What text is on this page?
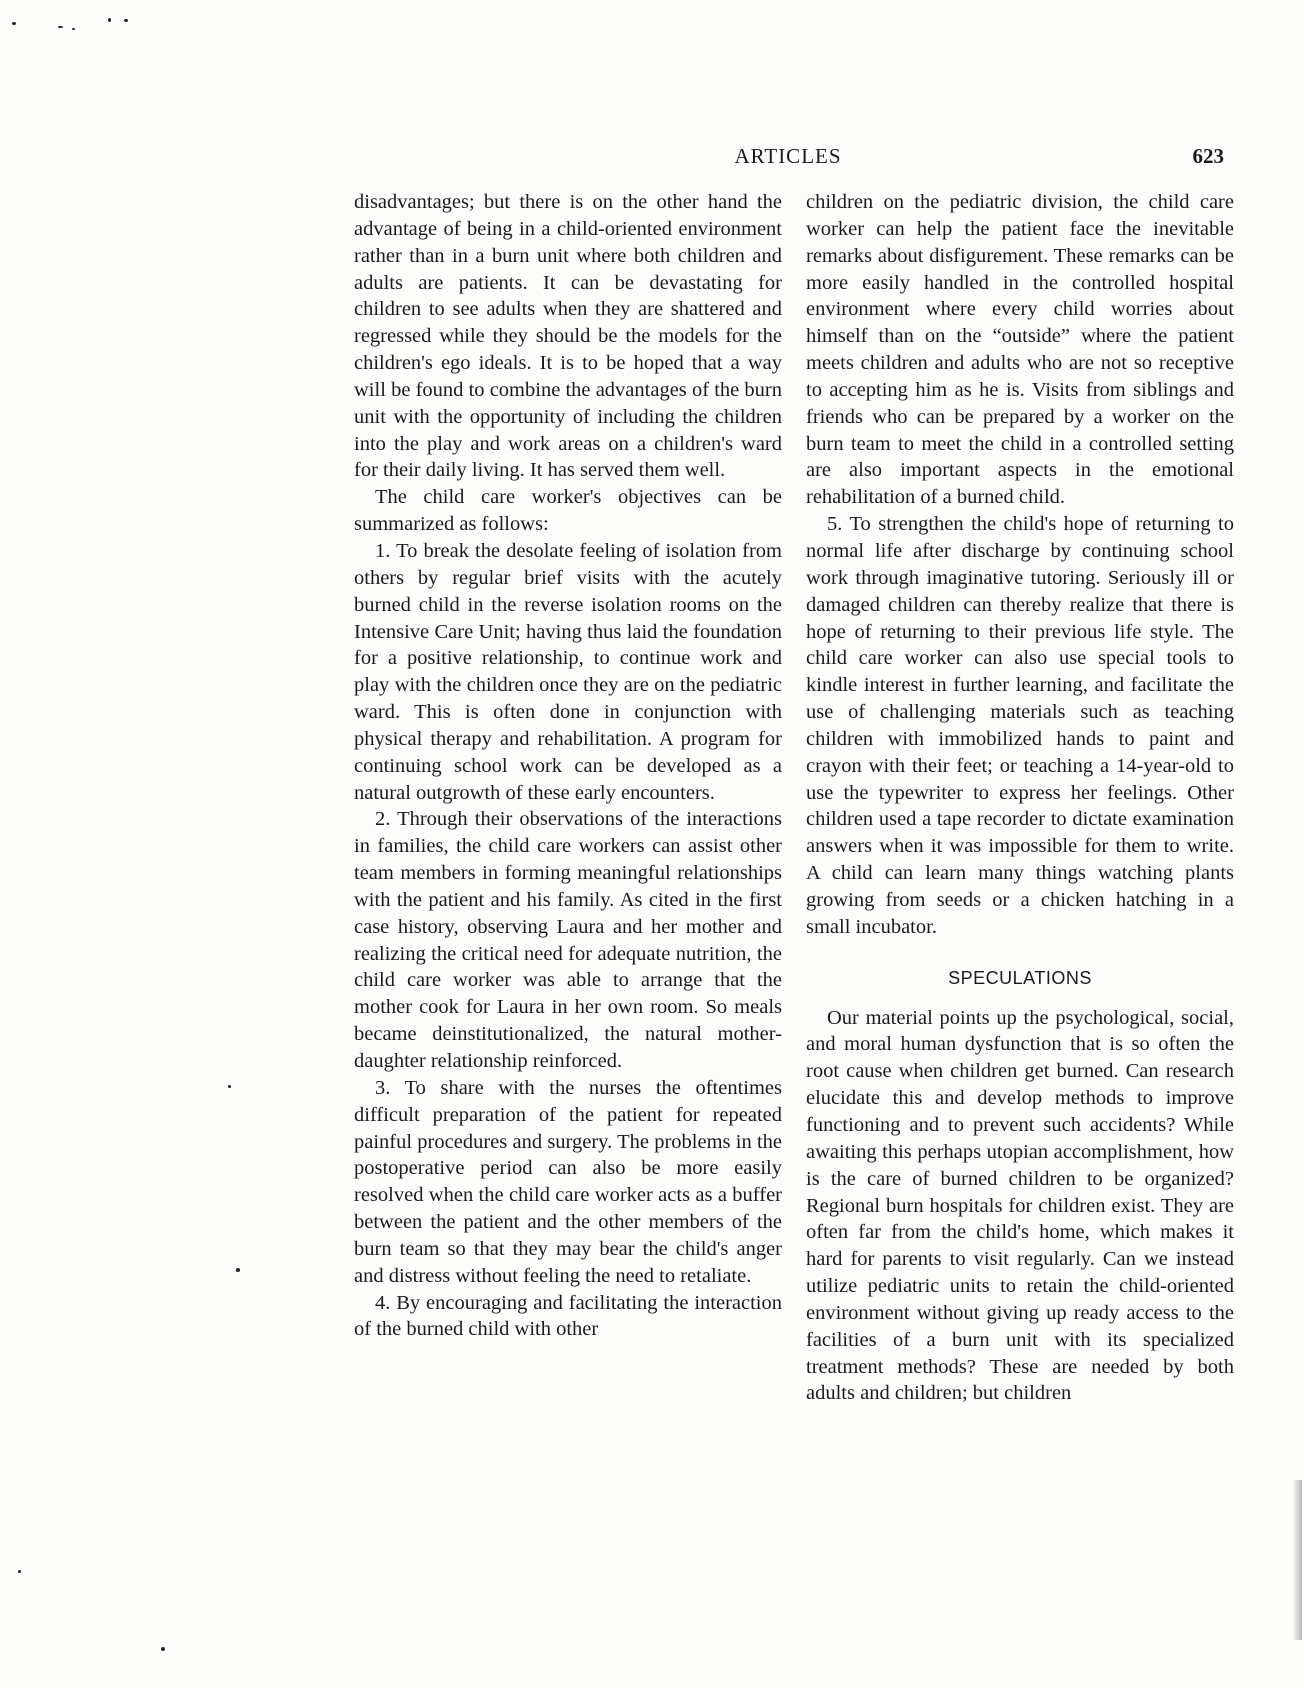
ARTICLES	623

disadvantages; but there is on the other hand the advantage of being in a child-oriented environment rather than in a burn unit where both children and adults are patients. It can be devastating for children to see adults when they are shattered and regressed while they should be the models for the children's ego ideals. It is to be hoped that a way will be found to combine the advantages of the burn unit with the opportunity of including the children into the play and work areas on a children's ward for their daily living. It has served them well.

The child care worker's objectives can be summarized as follows:

1. To break the desolate feeling of isolation from others by regular brief visits with the acutely burned child in the reverse isolation rooms on the Intensive Care Unit; having thus laid the foundation for a positive relationship, to continue work and play with the children once they are on the pediatric ward. This is often done in conjunction with physical therapy and rehabilitation. A program for continuing school work can be developed as a natural outgrowth of these early encounters.

2. Through their observations of the interactions in families, the child care workers can assist other team members in forming meaningful relationships with the patient and his family. As cited in the first case history, observing Laura and her mother and realizing the critical need for adequate nutrition, the child care worker was able to arrange that the mother cook for Laura in her own room. So meals became deinstitutionalized, the natural mother-daughter relationship reinforced.

3. To share with the nurses the oftentimes difficult preparation of the patient for repeated painful procedures and surgery. The problems in the postoperative period can also be more easily resolved when the child care worker acts as a buffer between the patient and the other members of the burn team so that they may bear the child's anger and distress without feeling the need to retaliate.

4. By encouraging and facilitating the interaction of the burned child with other

children on the pediatric division, the child care worker can help the patient face the inevitable remarks about disfigurement. These remarks can be more easily handled in the controlled hospital environment where every child worries about himself than on the “outside” where the patient meets children and adults who are not so receptive to accepting him as he is. Visits from siblings and friends who can be prepared by a worker on the burn team to meet the child in a controlled setting are also important aspects in the emotional rehabilitation of a burned child.

5. To strengthen the child's hope of returning to normal life after discharge by continuing school work through imaginative tutoring. Seriously ill or damaged children can thereby realize that there is hope of returning to their previous life style. The child care worker can also use special tools to kindle interest in further learning, and facilitate the use of challenging materials such as teaching children with immobilized hands to paint and crayon with their feet; or teaching a 14-year-old to use the typewriter to express her feelings. Other children used a tape recorder to dictate examination answers when it was impossible for them to write. A child can learn many things watching plants growing from seeds or a chicken hatching in a small incubator.

SPECULATIONS

Our material points up the psychological, social, and moral human dysfunction that is so often the root cause when children get burned. Can research elucidate this and develop methods to improve functioning and to prevent such accidents? While awaiting this perhaps utopian accomplishment, how is the care of burned children to be organized? Regional burn hospitals for children exist. They are often far from the child's home, which makes it hard for parents to visit regularly. Can we instead utilize pediatric units to retain the child-oriented environment without giving up ready access to the facilities of a burn unit with its specialized treatment methods? These are needed by both adults and children; but children
